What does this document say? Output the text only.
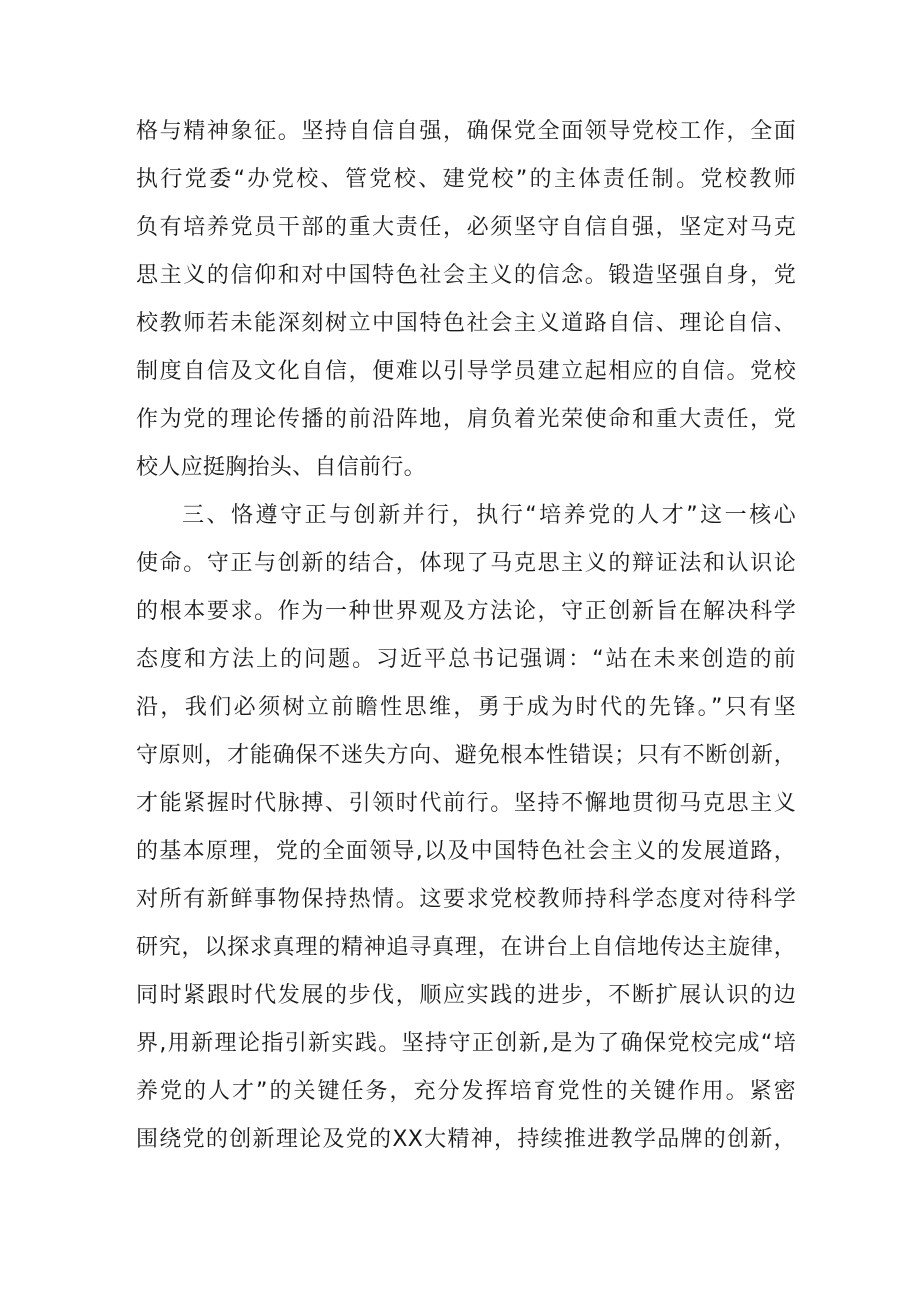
格与精神象征。坚持自信自强，确保党全面领导党校工作，全面
执行党委“办党校、管党校、建党校”的主体责任制。党校教师
负有培养党员干部的重大责任，必须坚守自信自强，坚定对马克
思主义的信仰和对中国特色社会主义的信念。锻造坚强自身，党
校教师若未能深刻树立中国特色社会主义道路自信、理论自信、
制度自信及文化自信，便难以引导学员建立起相应的自信。党校
作为党的理论传播的前沿阵地，肩负着光荣使命和重大责任，党
校人应挺胸抬头、自信前行。
三、恪遵守正与创新并行，执行“培养党的人才”这一核心
使命。守正与创新的结合，体现了马克思主义的辩证法和认识论
的根本要求。作为一种世界观及方法论，守正创新旨在解决科学
态度和方法上的问题。习近平总书记强调：“站在未来创造的前
沿，我们必须树立前瞻性思维，勇于成为时代的先锋。”只有坚
守原则，才能确保不迷失方向、避免根本性错误；只有不断创新，
才能紧握时代脉搏、引领时代前行。坚持不懈地贯彻马克思主义
的基本原理，党的全面领导,以及中国特色社会主义的发展道路，
对所有新鲜事物保持热情。这要求党校教师持科学态度对待科学
研究，以探求真理的精神追寻真理，在讲台上自信地传达主旋律，
同时紧跟时代发展的步伐，顺应实践的进步，不断扩展认识的边
界,用新理论指引新实践。坚持守正创新,是为了确保党校完成“培
养党的人才”的关键任务，充分发挥培育党性的关键作用。紧密
围绕党的创新理论及党的XX大精神，持续推进教学品牌的创新，
